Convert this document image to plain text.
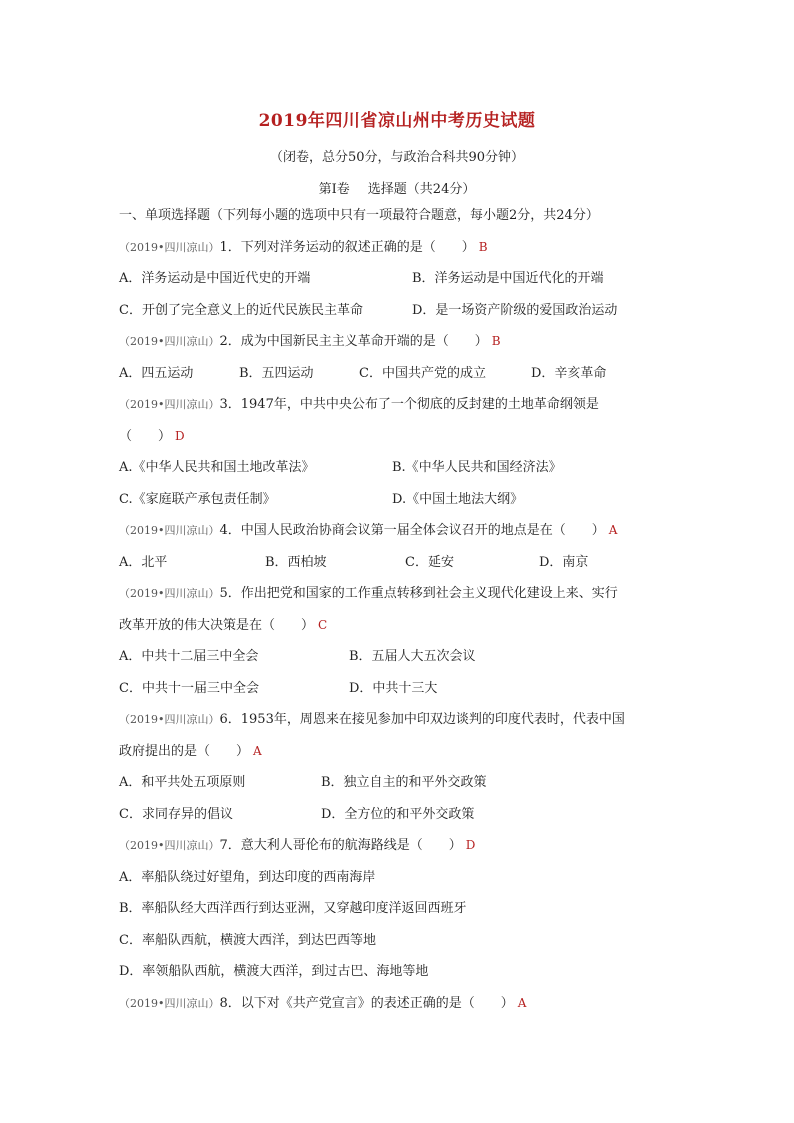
2019年四川省凉山州中考历史试题
（闭卷，总分50分，与政治合科共90分钟）
第Ⅰ卷 选择题（共24分）
一、单项选择题（下列每小题的选项中只有一项最符合题意，每小题2分，共24分）
（2019•四川凉山）1．下列对洋务运动的叙述正确的是（　　） B
A．洋务运动是中国近代史的开端	B．洋务运动是中国近代化的开端
C．开创了完全意义上的近代民族民主革命	D．是一场资产阶级的爱国政治运动
（2019•四川凉山）2．成为中国新民主主义革命开端的是（　　） B
A．四五运动	B．五四运动	C．中国共产党的成立	D．辛亥革命
（2019•四川凉山）3．1947年，中共中央公布了一个彻底的反封建的土地革命纲领是
（　　） D
A.《中华人民共和国土地改革法》	B.《中华人民共和国经济法》
C.《家庭联产承包责任制》	D.《中国土地法大纲》
（2019•四川凉山）4．中国人民政治协商会议第一届全体会议召开的地点是在（　　） A
A．北平	B．西柏坡	C．延安	D．南京
（2019•四川凉山）5．作出把党和国家的工作重点转移到社会主义现代化建设上来、实行
改革开放的伟大决策是在（　　） C
A．中共十二届三中全会	B．五届人大五次会议
C．中共十一届三中全会	D．中共十三大
（2019•四川凉山）6．1953年，周恩来在接见参加中印双边谈判的印度代表时，代表中国
政府提出的是（　　） A
A．和平共处五项原则	B．独立自主的和平外交政策
C．求同存异的倡议	D．全方位的和平外交政策
（2019•四川凉山）7．意大利人哥伦布的航海路线是（　　） D
A．率船队绕过好望角，到达印度的西南海岸
B．率船队经大西洋西行到达亚洲，又穿越印度洋返回西班牙
C．率船队西航，横渡大西洋，到达巴西等地
D．率领船队西航，横渡大西洋，到过古巴、海地等地
（2019•四川凉山）8．以下对《共产党宣言》的表述正确的是（　　） A
